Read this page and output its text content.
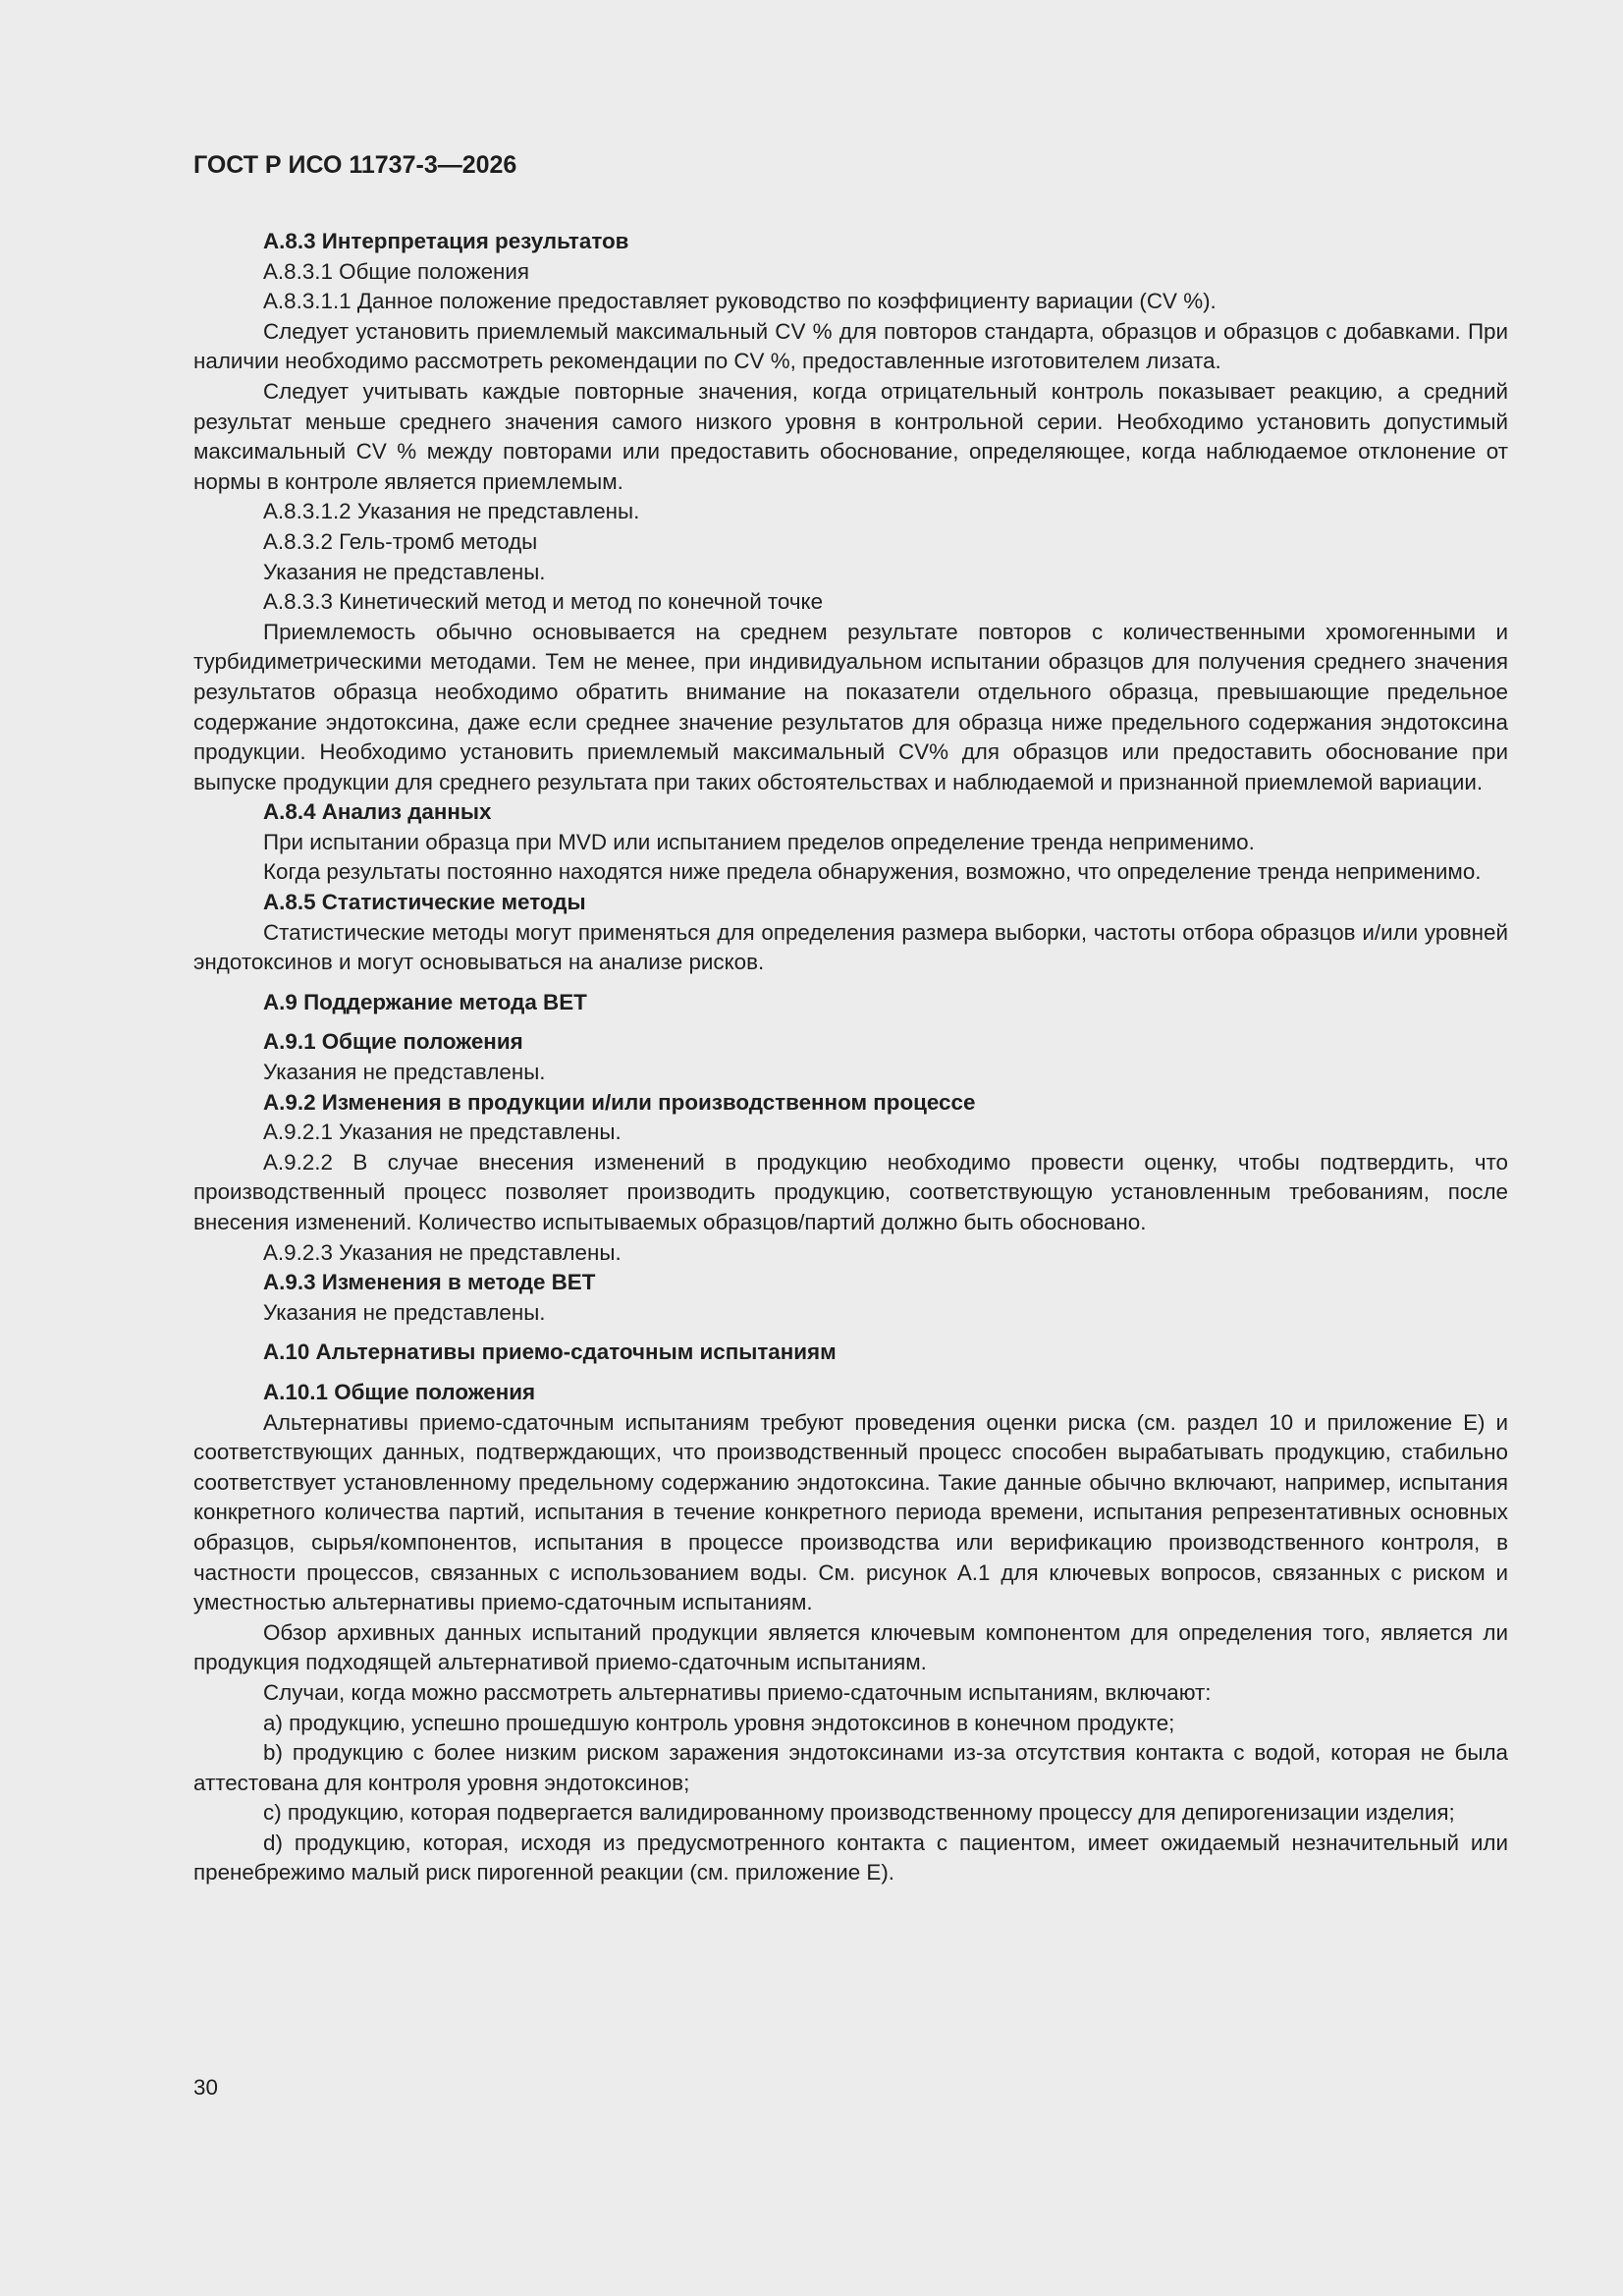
ГОСТ Р ИСО 11737-3—2026

A.8.3 Интерпретация результатов

A.8.3.1 Общие положения

A.8.3.1.1 Данное положение предоставляет руководство по коэффициенту вариации (CV %).

Следует установить приемлемый максимальный CV % для повторов стандарта, образцов и образцов с добавками. При наличии необходимо рассмотреть рекомендации по CV %, предоставленные изготовителем лизата.

Следует учитывать каждые повторные значения, когда отрицательный контроль показывает реакцию, а средний результат меньше среднего значения самого низкого уровня в контрольной серии. Необходимо установить допустимый максимальный CV % между повторами или предоставить обоснование, определяющее, когда наблюдаемое отклонение от нормы в контроле является приемлемым.

A.8.3.1.2 Указания не представлены.

A.8.3.2 Гель-тромб методы

Указания не представлены.

A.8.3.3 Кинетический метод и метод по конечной точке

Приемлемость обычно основывается на среднем результате повторов с количественными хромогенными и турбидиметрическими методами. Тем не менее, при индивидуальном испытании образцов для получения среднего значения результатов образца необходимо обратить внимание на показатели отдельного образца, превышающие предельное содержание эндотоксина, даже если среднее значение результатов для образца ниже предельного содержания эндотоксина продукции. Необходимо установить приемлемый максимальный CV% для образцов или предоставить обоснование при выпуске продукции для среднего результата при таких обстоятельствах и наблюдаемой и признанной приемлемой вариации.

A.8.4 Анализ данных

При испытании образца при MVD или испытанием пределов определение тренда неприменимо.

Когда результаты постоянно находятся ниже предела обнаружения, возможно, что определение тренда неприменимо.

A.8.5 Статистические методы

Статистические методы могут применяться для определения размера выборки, частоты отбора образцов и/или уровней эндотоксинов и могут основываться на анализе рисков.

A.9 Поддержание метода BET

A.9.1 Общие положения

Указания не представлены.

A.9.2 Изменения в продукции и/или производственном процессе

A.9.2.1 Указания не представлены.

A.9.2.2 В случае внесения изменений в продукцию необходимо провести оценку, чтобы подтвердить, что производственный процесс позволяет производить продукцию, соответствующую установленным требованиям, после внесения изменений. Количество испытываемых образцов/партий должно быть обосновано.

A.9.2.3 Указания не представлены.

A.9.3 Изменения в методе BET

Указания не представлены.

A.10 Альтернативы приемо-сдаточным испытаниям

A.10.1 Общие положения

Альтернативы приемо-сдаточным испытаниям требуют проведения оценки риска (см. раздел 10 и приложение E) и соответствующих данных, подтверждающих, что производственный процесс способен вырабатывать продукцию, стабильно соответствует установленному предельному содержанию эндотоксина. Такие данные обычно включают, например, испытания конкретного количества партий, испытания в течение конкретного периода времени, испытания репрезентативных основных образцов, сырья/компонентов, испытания в процессе производства или верификацию производственного контроля, в частности процессов, связанных с использованием воды. См. рисунок A.1 для ключевых вопросов, связанных с риском и уместностью альтернативы приемо-сдаточным испытаниям.

Обзор архивных данных испытаний продукции является ключевым компонентом для определения того, является ли продукция подходящей альтернативой приемо-сдаточным испытаниям.

Случаи, когда можно рассмотреть альтернативы приемо-сдаточным испытаниям, включают:

a) продукцию, успешно прошедшую контроль уровня эндотоксинов в конечном продукте;

b) продукцию с более низким риском заражения эндотоксинами из-за отсутствия контакта с водой, которая не была аттестована для контроля уровня эндотоксинов;

c) продукцию, которая подвергается валидированному производственному процессу для депирогенизации изделия;

d) продукцию, которая, исходя из предусмотренного контакта с пациентом, имеет ожидаемый незначительный или пренебрежимо малый риск пирогенной реакции (см. приложение E).

30
